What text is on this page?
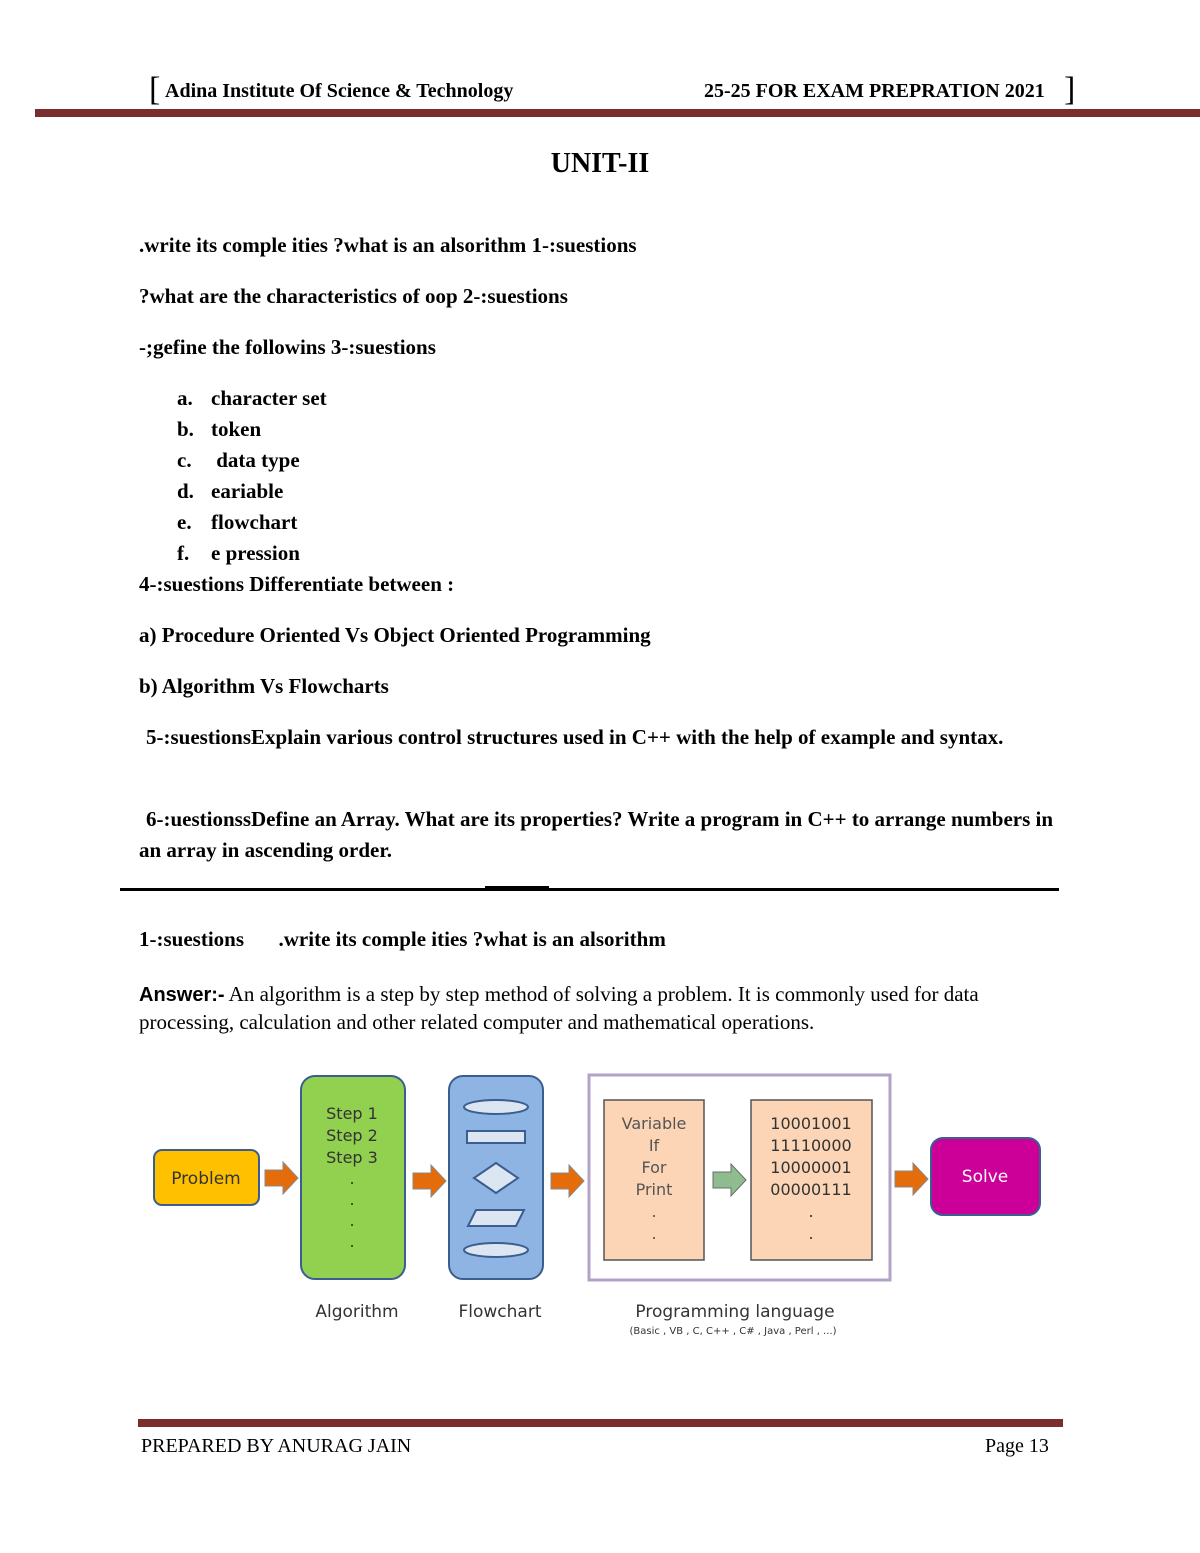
[ Adina Institute Of Science & Technology	25-25 FOR EXAM PREPRATION 2021 ]
UNIT-II
.write its comple ities ?what is an alsorithm 1-:suestions
?what are the characteristics of oop 2-:suestions
-;gefine the followins 3-:suestions
a. character set
b. token
c. data type
d. eariable
e. flowchart
f. e pression
4-:suestions Differentiate between :
a) Procedure Oriented Vs Object Oriented Programming
b) Algorithm Vs Flowcharts
5-:suestionsExplain various control structures used in C++ with the help of example and syntax.
6-:uestionssDefine an Array. What are its properties? Write a program in C++ to arrange numbers in an array in ascending order.
1-:suestions .write its comple ities ?what is an alsorithm
Answer:- An algorithm is a step by step method of solving a problem. It is commonly used for data processing, calculation and other related computer and mathematical operations.
Problem
Step 1
Step 2
Step 3
.
.
.
.
Variable
If
For
Print
.
.
10001001
11110000
10000001
00000111
.
.
Solve
Algorithm	Flowchart	Programming language
(Basic , VB , C, C++ , C# , Java , Perl , ...)
PREPARED BY ANURAG JAIN	Page 13
